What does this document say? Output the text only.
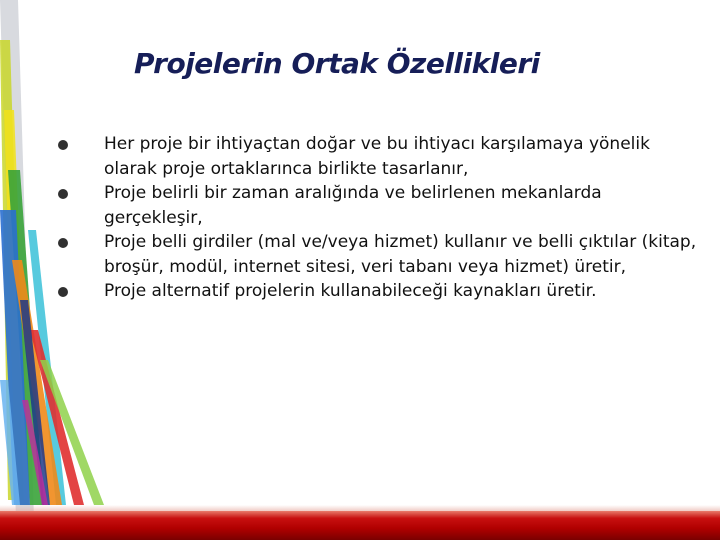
Projelerin Ortak Özellikleri
Her proje bir ihtiyaçtan doğar ve bu ihtiyacı karşılamaya yönelik olarak proje ortaklarınca birlikte tasarlanır,
Proje belirli bir zaman aralığında ve belirlenen mekanlarda gerçekleşir,
Proje belli girdiler (mal ve/veya hizmet) kullanır ve belli çıktılar (kitap, broşür, modül, internet sitesi, veri tabanı veya hizmet) üretir,
Proje alternatif projelerin kullanabileceği kaynakları üretir.
